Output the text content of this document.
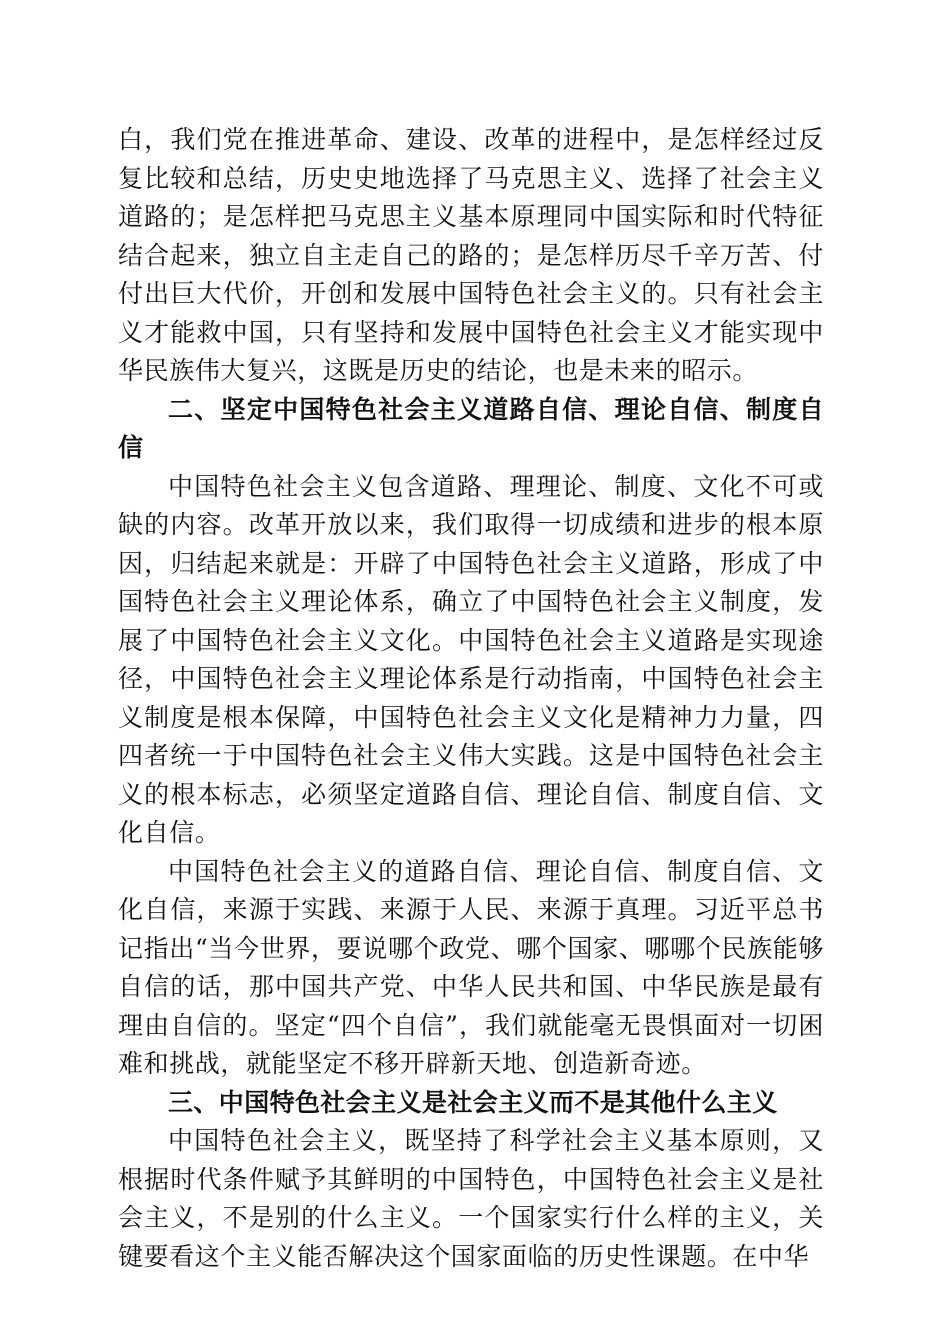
白，我们党在推进革命、建设、改革的进程中，是怎样经过反复比较和总结，历史史地选择了马克思主义、选择了社会主义道路的；是怎样把马克思主义基本原理同中国实际和时代特征结合起来，独立自主走自己的路的；是怎样历尽千辛万苦、付付出巨大代价，开创和发展中国特色社会主义的。只有社会主义才能救中国，只有坚持和发展中国特色社会主义才能实现中华民族伟大复兴，这既是历史的结论，也是未来的昭示。

二、坚定中国特色社会主义道路自信、理论自信、制度自信

中国特色社会主义包含道路、理理论、制度、文化不可或缺的内容。改革开放以来，我们取得一切成绩和进步的根本原因，归结起来就是：开辟了中国特色社会主义道路，形成了中国特色社会主义理论体系，确立了中国特色社会主义制度，发展了中国特色社会主义文化。中国特色社会主义道路是实现途径，中国特色社会主义理论体系是行动指南，中国特色社会主义制度是根本保障，中国特色社会主义文化是精神力力量，四四者统一于中国特色社会主义伟大实践。这是中国特色社会主义的根本标志，必须坚定道路自信、理论自信、制度自信、文化自信。

中国特色社会主义的道路自信、理论自信、制度自信、文化自信，来源于实践、来源于人民、来源于真理。习近平总书记指出“当今世界，要说哪个政党、哪个国家、哪哪个民族能够自信的话，那中国共产党、中华人民共和国、中华民族是最有理由自信的。坚定“四个自信”，我们就能毫无畏惧面对一切困难和挑战，就能坚定不移开辟新天地、创造新奇迹。

三、中国特色社会主义是社会主义而不是其他什么主义

中国特色社会主义，既坚持了科学社会主义基本原则，又根据时代条件赋予其鲜明的中国特色，中国特色社会主义是社会主义，不是别的什么主义。一个国家实行什么样的主义，关键要看这个主义能否解决这个国家面临的历史性课题。在中华
